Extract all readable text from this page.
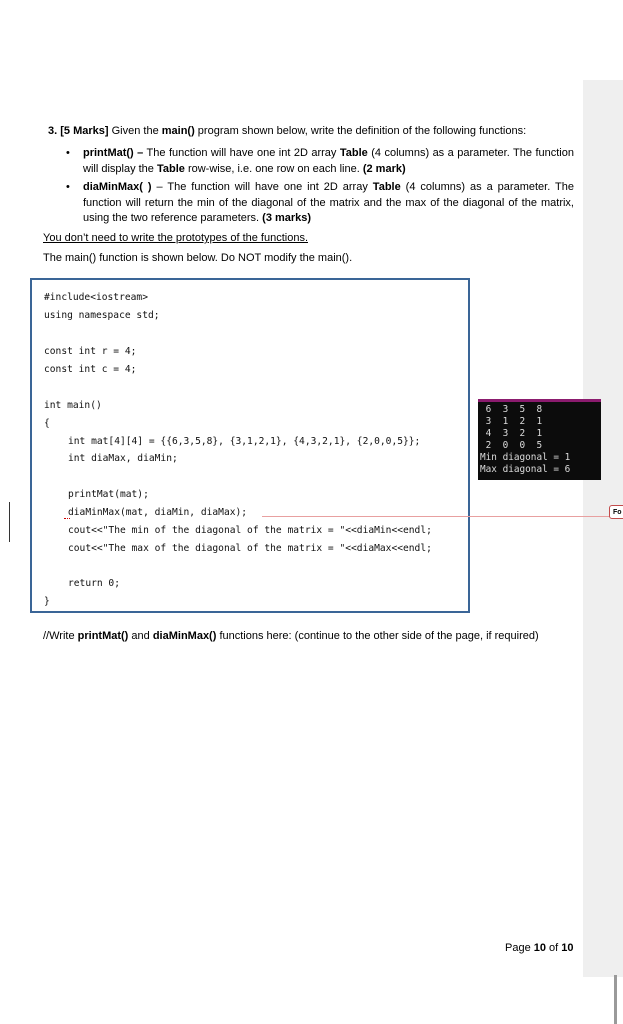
3. [5 Marks] Given the main() program shown below, write the definition of the following functions:
• printMat() – The function will have one int 2D array Table (4 columns) as a parameter. The function will display the Table row-wise, i.e. one row on each line. (2 mark)
• diaMinMax( ) – The function will have one int 2D array Table (4 columns) as a parameter. The function will return the min of the diagonal of the matrix and the max of the diagonal of the matrix, using the two reference parameters. (3 marks)
You don’t need to write the prototypes of the functions.
The main() function is shown below. Do NOT modify the main().
#include<iostream>
using namespace std;
const int r = 4;
const int c = 4;
int main()
{
int mat[4][4] = {{6,3,5,8}, {3,1,2,1}, {4,3,2,1}, {2,0,0,5}};
int diaMax, diaMin;
printMat(mat);
diaMinMax(mat, diaMin, diaMax);
cout<<"The min of the diagonal of the matrix = "<<diaMin<<endl;
cout<<"The max of the diagonal of the matrix = "<<diaMax<<endl;
return 0;
}
6  3  5  8
3  1  2  1
4  3  2  1
2  0  0  5
Min diagonal = 1
Max diagonal = 6
Fo
//Write printMat() and diaMinMax() functions here: (continue to the other side of the page, if required)
Page 10 of 10
